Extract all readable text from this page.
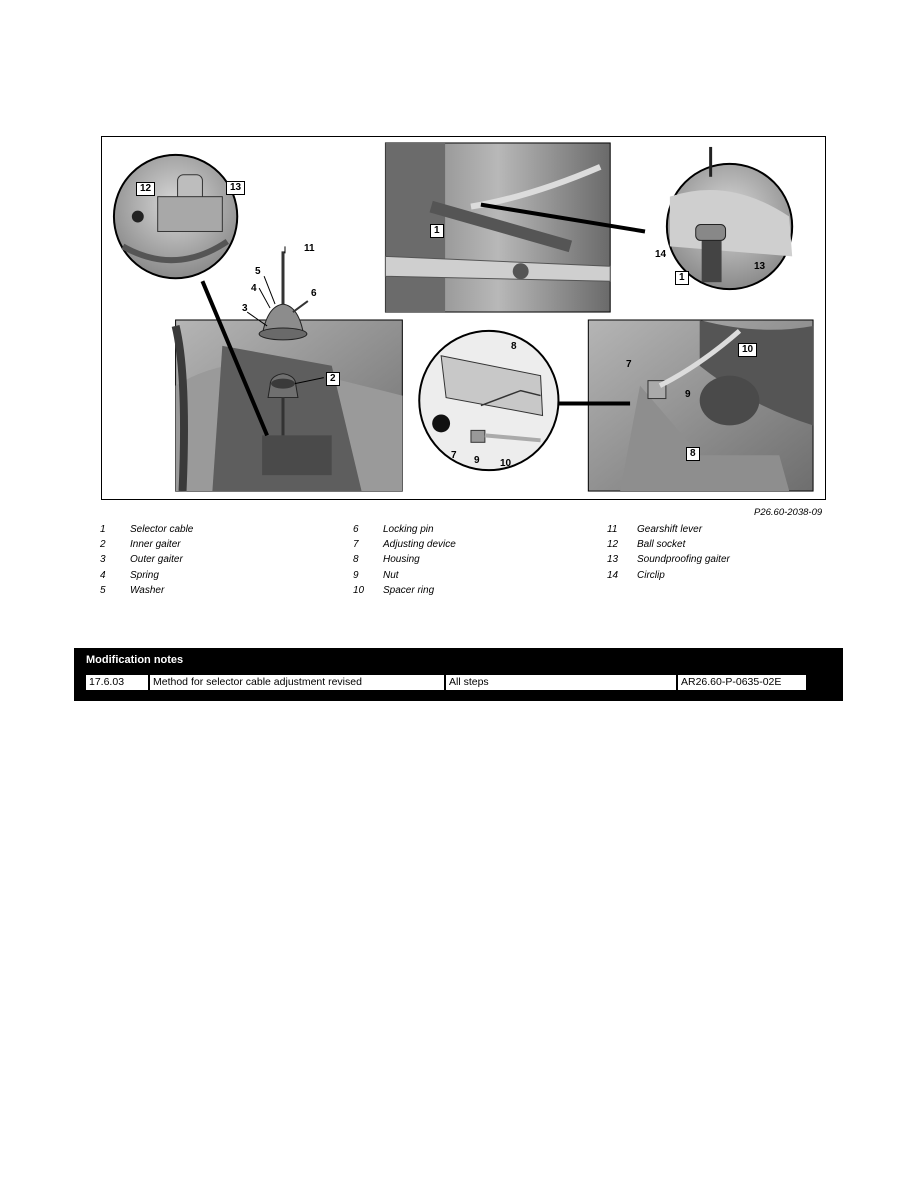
12	13
11
5
4	6
3
2
1
14
13
1
8
7 9 10
10
7
9
8
P26.60-2038-09
1	Selector cable
2	Inner gaiter
3	Outer gaiter
4	Spring
5	Washer
6	Locking pin
7	Adjusting device
8	Housing
9	Nut
10	Spacer ring
11	Gearshift lever
12	Ball socket
13	Soundproofing gaiter
14	Circlip
Modification notes
17.6.03	Method for selector cable adjustment revised	All steps	AR26.60-P-0635-02E
